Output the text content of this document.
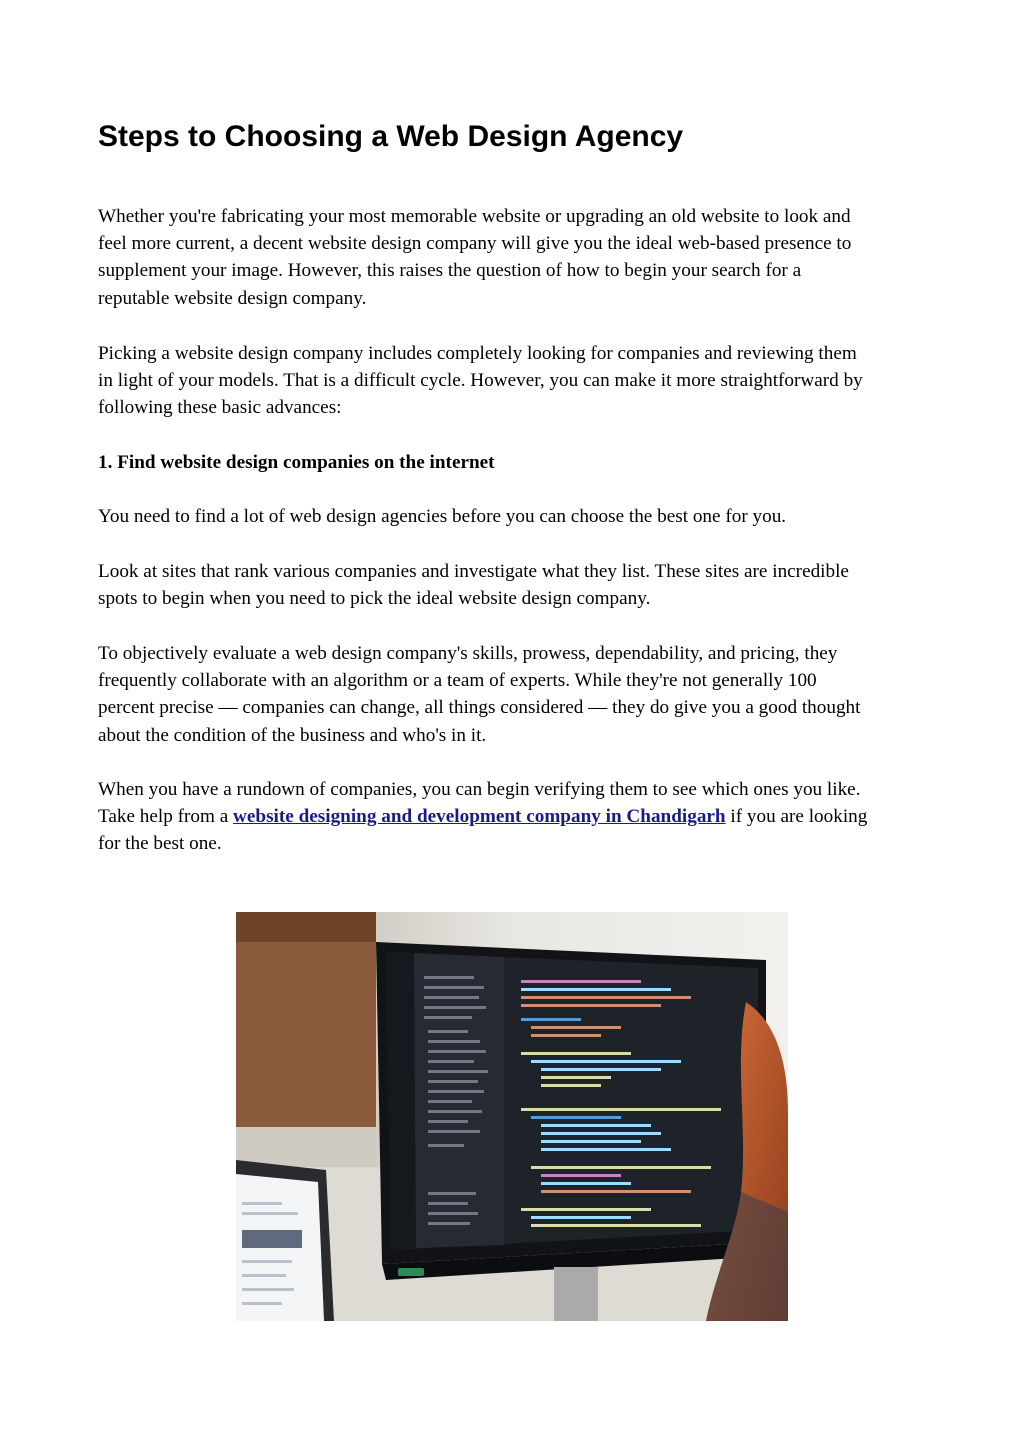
Steps to Choosing a Web Design Agency

Whether you're fabricating your most memorable website or upgrading an old website to look and
feel more current, a decent website design company will give you the ideal web-based presence to
supplement your image. However, this raises the question of how to begin your search for a
reputable website design company.

Picking a website design company includes completely looking for companies and reviewing them
in light of your models. That is a difficult cycle. However, you can make it more straightforward by
following these basic advances:

1. Find website design companies on the internet

You need to find a lot of web design agencies before you can choose the best one for you.

Look at sites that rank various companies and investigate what they list. These sites are incredible
spots to begin when you need to pick the ideal website design company.

To objectively evaluate a web design company's skills, prowess, dependability, and pricing, they
frequently collaborate with an algorithm or a team of experts. While they're not generally 100
percent precise — companies can change, all things considered — they do give you a good thought
about the condition of the business and who's in it.

When you have a rundown of companies, you can begin verifying them to see which ones you like.
Take help from a website designing and development company in Chandigarh if you are looking
for the best one.
